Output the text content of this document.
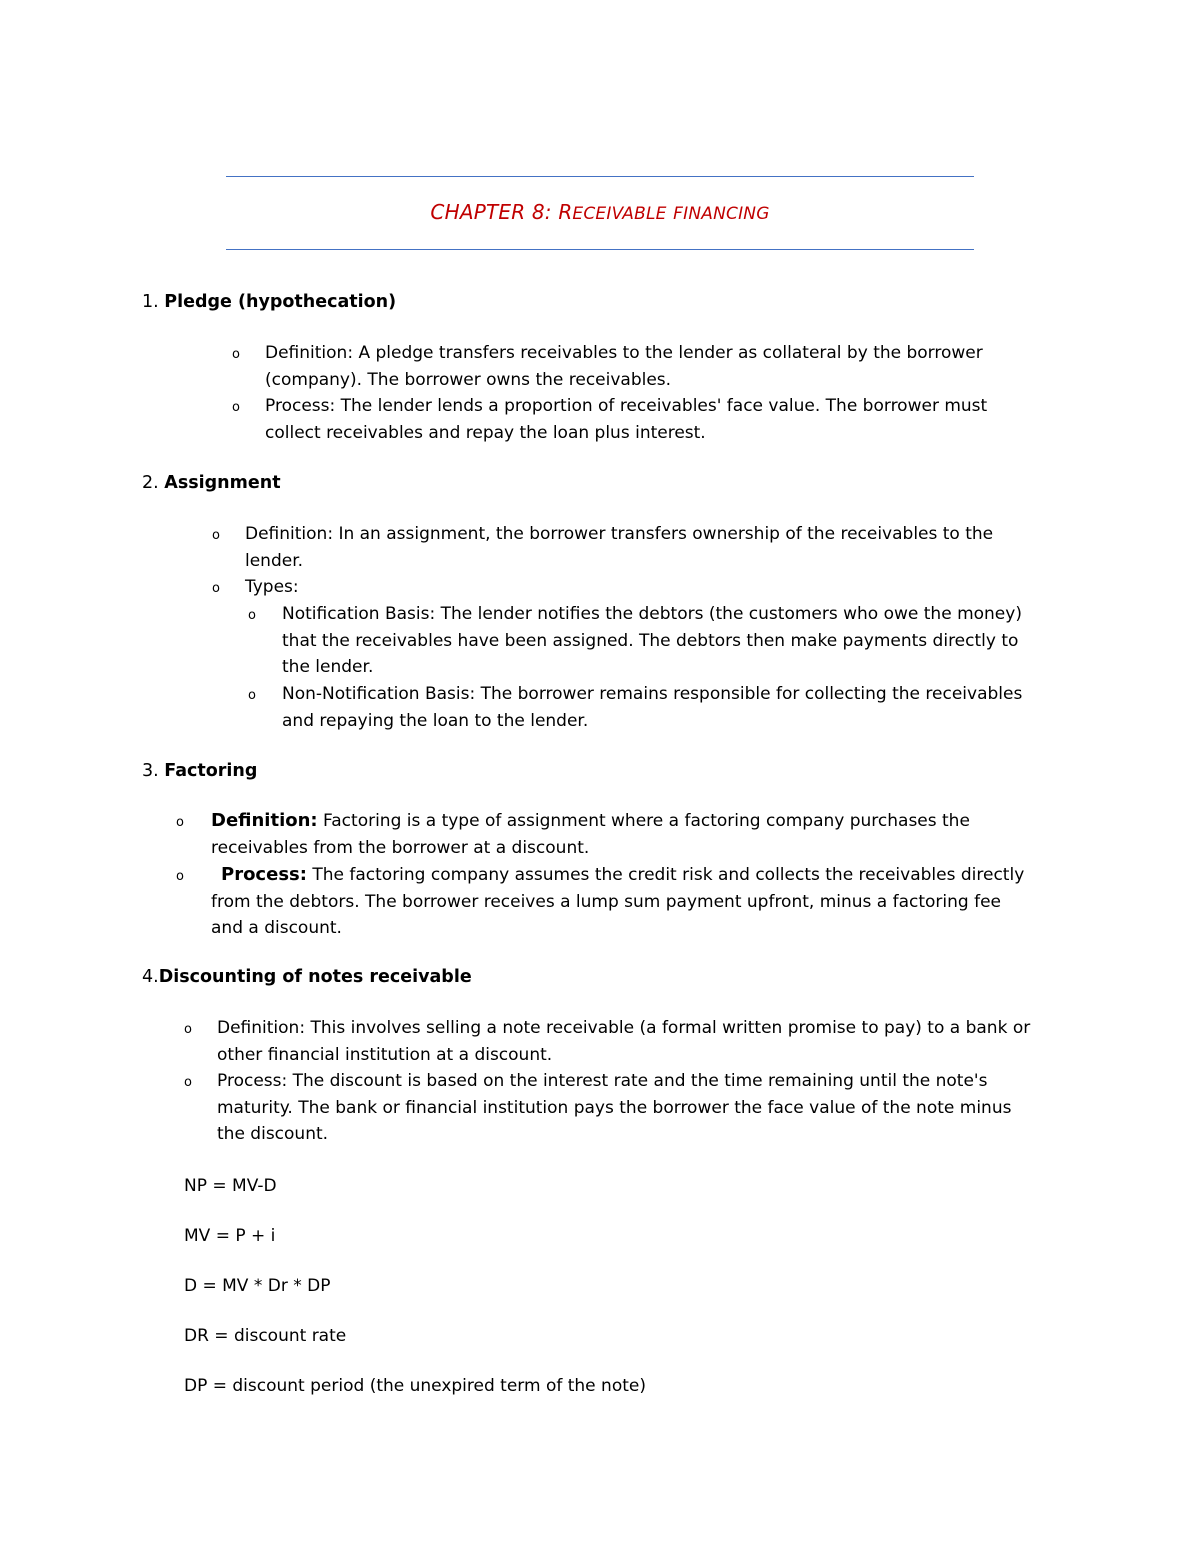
CHAPTER 8: RECEIVABLE FINANCING
1. Pledge (hypothecation)
o Definition: A pledge transfers receivables to the lender as collateral by the borrower
(company). The borrower owns the receivables.
o Process: The lender lends a proportion of receivables' face value. The borrower must
collect receivables and repay the loan plus interest.
2. Assignment
o Definition: In an assignment, the borrower transfers ownership of the receivables to the
lender.
o Types:
o Notification Basis: The lender notifies the debtors (the customers who owe the money)
that the receivables have been assigned. The debtors then make payments directly to
the lender.
o Non-Notification Basis: The borrower remains responsible for collecting the receivables
and repaying the loan to the lender.
3. Factoring
o Definition: Factoring is a type of assignment where a factoring company purchases the
receivables from the borrower at a discount.
o	Process: The factoring company assumes the credit risk and collects the receivables directly
from the debtors. The borrower receives a lump sum payment upfront, minus a factoring fee
and a discount.
4.Discounting of notes receivable
o Definition: This involves selling a note receivable (a formal written promise to pay) to a bank or
other financial institution at a discount.
o Process: The discount is based on the interest rate and the time remaining until the note's
maturity. The bank or financial institution pays the borrower the face value of the note minus
the discount.
NP = MV-D
MV = P + i
D = MV * Dr * DP
DR = discount rate
DP = discount period (the unexpired term of the note)
